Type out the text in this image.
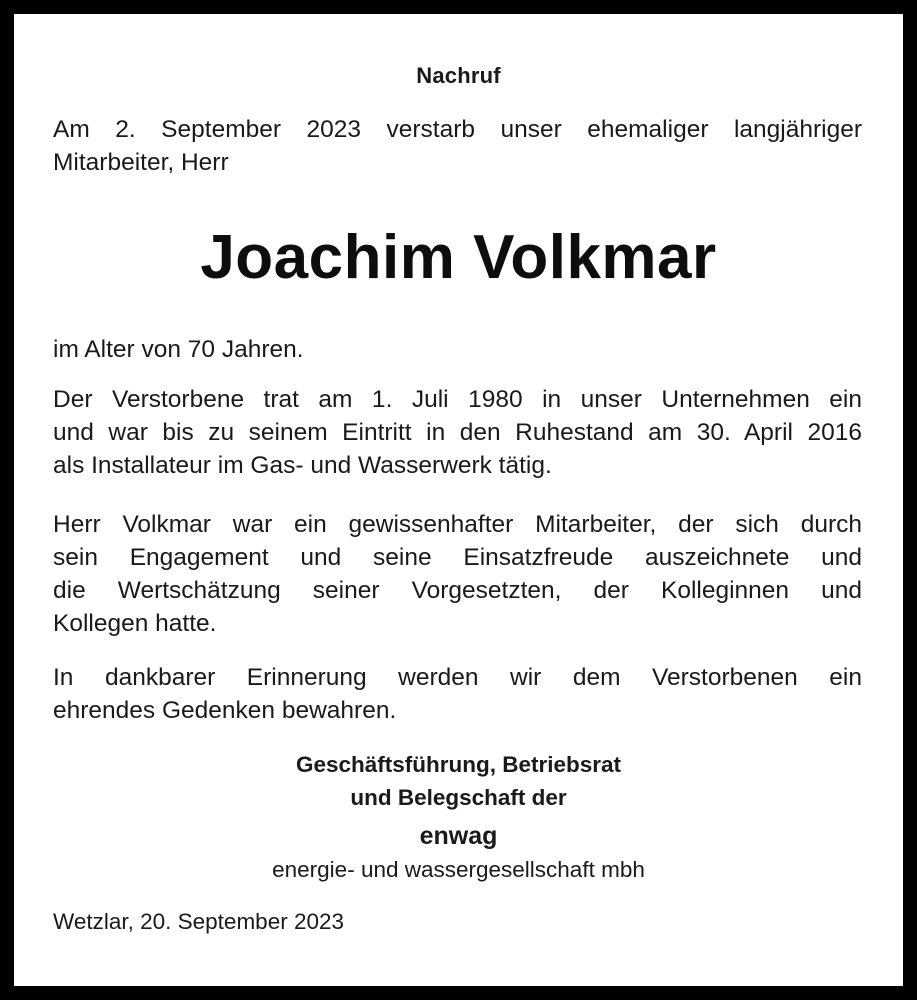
Nachruf
Am 2. September 2023 verstarb unser ehemaliger langjähriger
Mitarbeiter, Herr
Joachim Volkmar
im Alter von 70 Jahren.
Der Verstorbene trat am 1. Juli 1980 in unser Unternehmen ein
und war bis zu seinem Eintritt in den Ruhestand am 30. April 2016
als Installateur im Gas- und Wasserwerk tätig.
Herr Volkmar war ein gewissenhafter Mitarbeiter, der sich durch
sein Engagement und seine Einsatzfreude auszeichnete und
die Wertschätzung seiner Vorgesetzten, der Kolleginnen und
Kollegen hatte.
In dankbarer Erinnerung werden wir dem Verstorbenen ein
ehrendes Gedenken bewahren.
Geschäftsführung, Betriebsrat
und Belegschaft der
enwag
energie- und wassergesellschaft mbh
Wetzlar, 20. September 2023
